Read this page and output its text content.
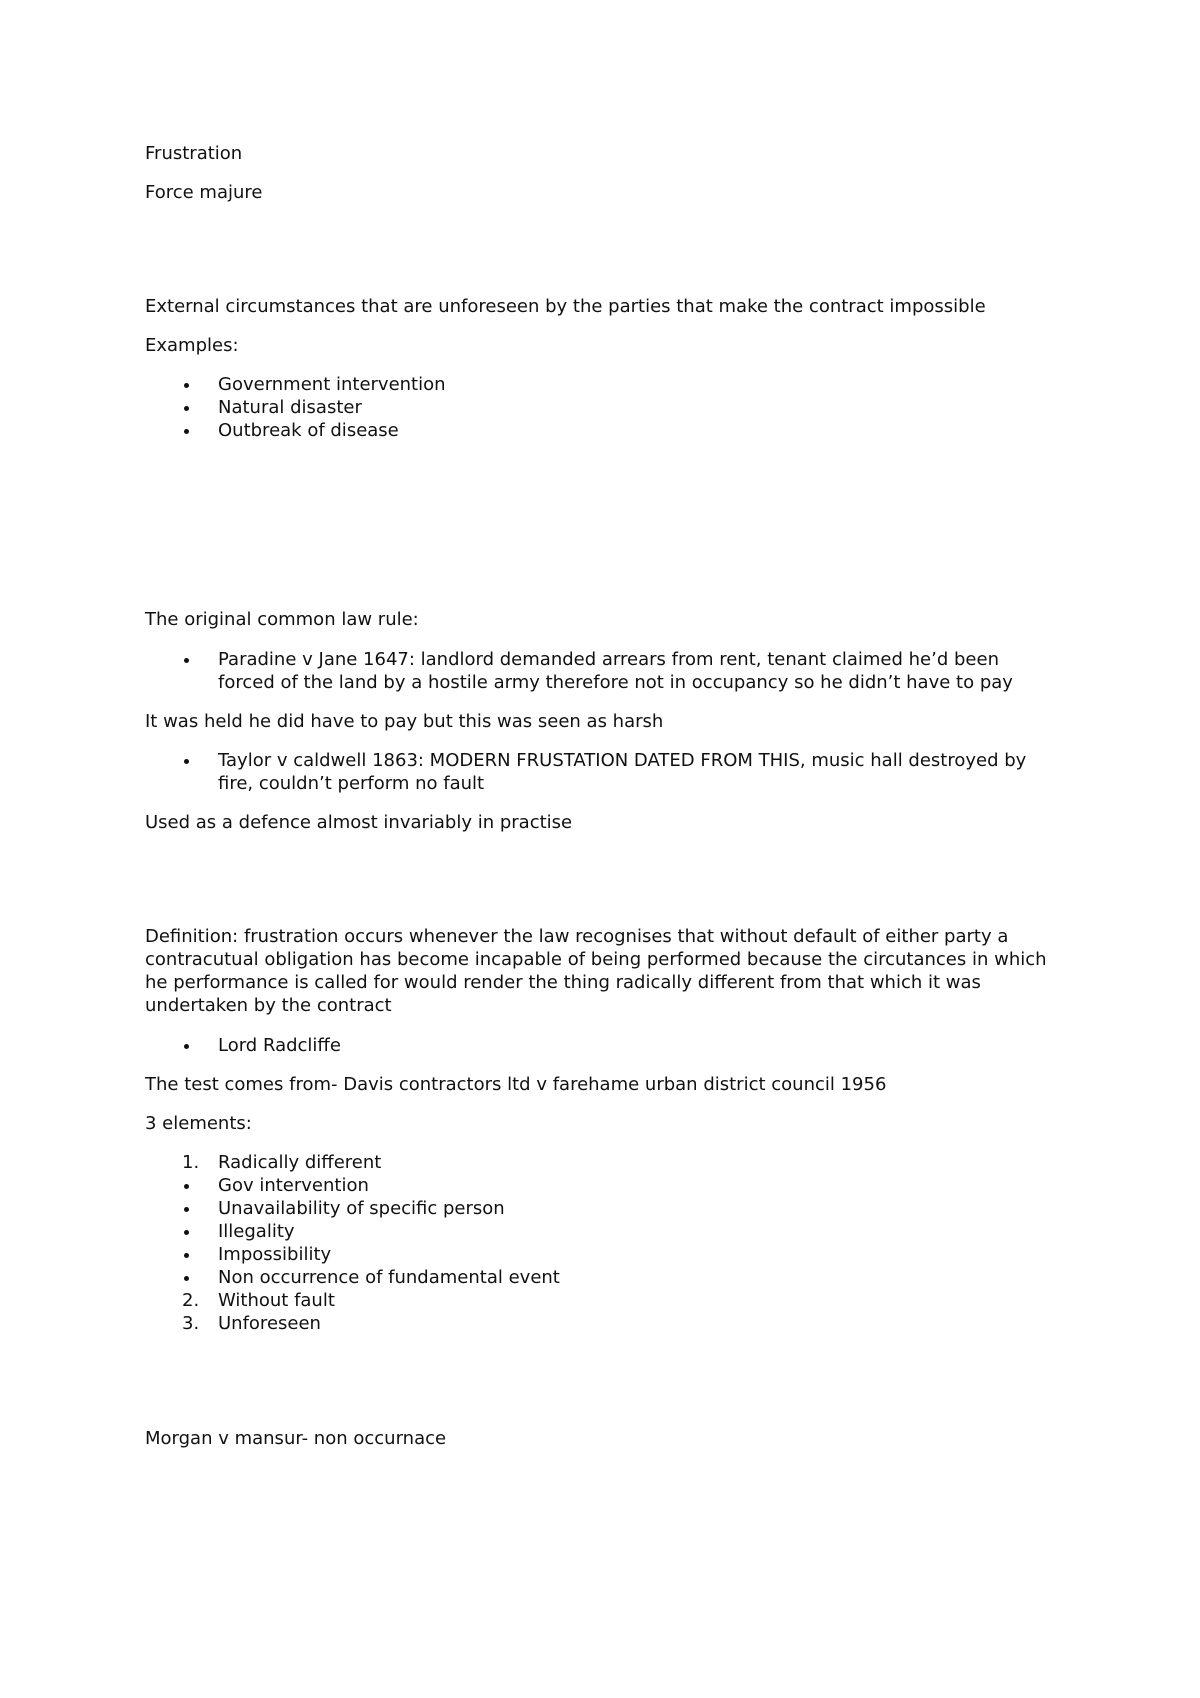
Frustration

Force majure

External circumstances that are unforeseen by the parties that make the contract impossible

Examples:

Government intervention

Natural disaster

Outbreak of disease

The original common law rule:

Paradine v Jane 1647: landlord demanded arrears from rent, tenant claimed he’d been

forced of the land by a hostile army therefore not in occupancy so he didn’t have to pay

It was held he did have to pay but this was seen as harsh

Taylor v caldwell 1863: MODERN FRUSTATION DATED FROM THIS, music hall destroyed by

fire, couldn’t perform no fault

Used as a defence almost invariably in practise

Definition: frustration occurs whenever the law recognises that without default of either party a

contracutual obligation has become incapable of being performed because the circutances in which

he performance is called for would render the thing radically different from that which it was

undertaken by the contract

Lord Radcliffe

The test comes from- Davis contractors ltd v farehame urban district council 1956

3 elements:

1. Radically different

Gov intervention

Unavailability of specific person

Illegality

Impossibility

Non occurrence of fundamental event

2. Without fault

3. Unforeseen

Morgan v mansur- non occurnace
